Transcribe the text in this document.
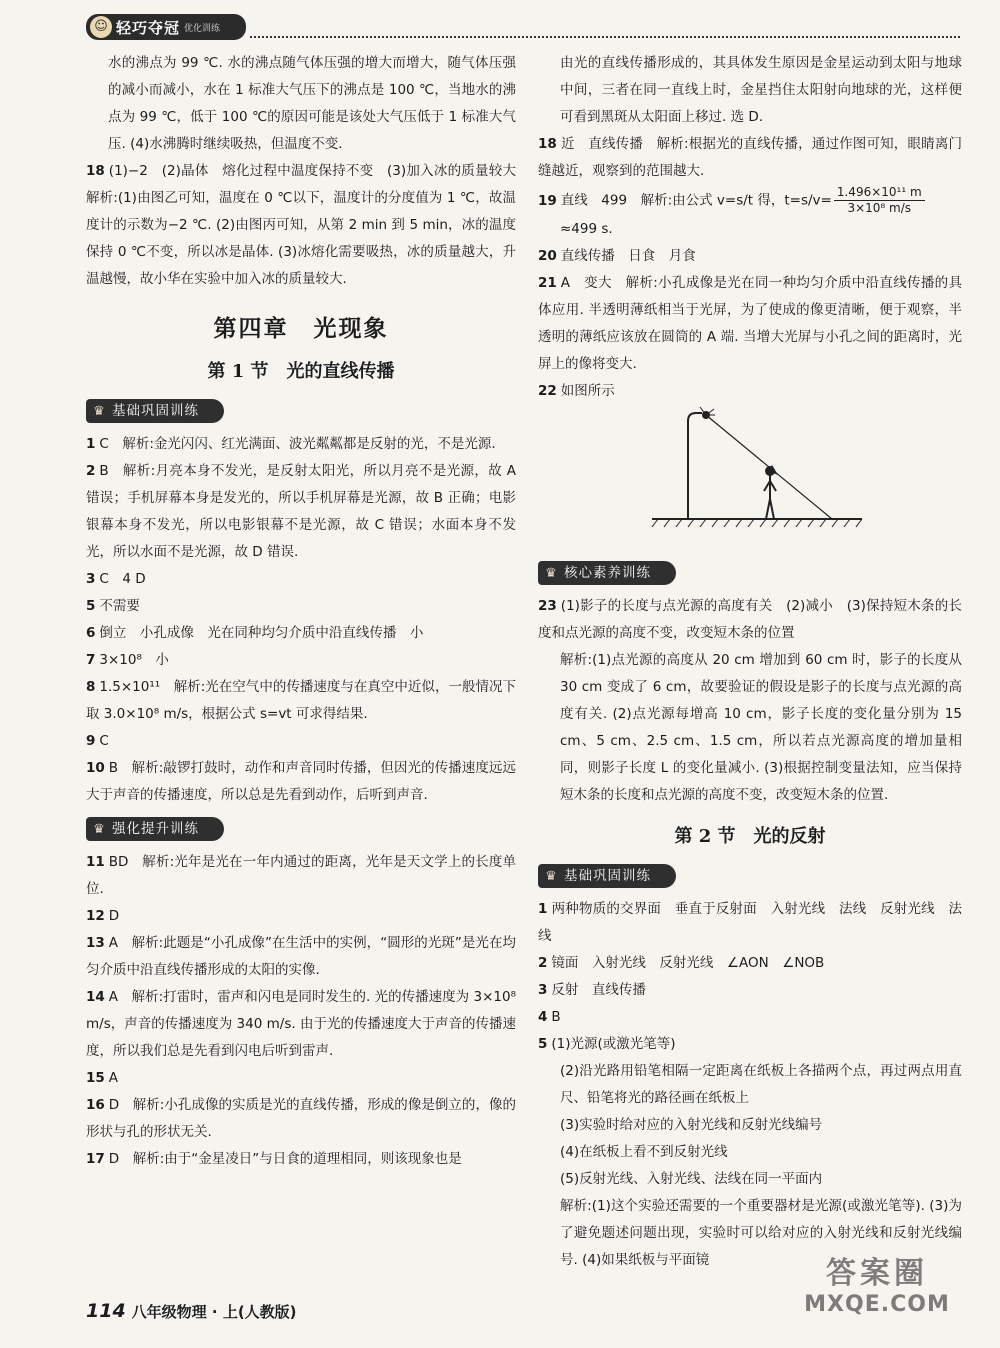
☺ 轻巧夺冠 优化训练

水的沸点为 99 ℃. 水的沸点随气体压强的增大而增大，随气体压强的减小而减小，水在 1 标准大气压下的沸点是 100 ℃，当地水的沸点为 99 ℃，低于 100 ℃的原因可能是该处大气压低于 1 标准大气压. (4)水沸腾时继续吸热，但温度不变.

18 (1)−2　(2)晶体　熔化过程中温度保持不变　(3)加入冰的质量较大　解析:(1)由图乙可知，温度在 0 ℃以下，温度计的分度值为 1 ℃，故温度计的示数为−2 ℃. (2)由图丙可知，从第 2 min 到 5 min，冰的温度保持 0 ℃不变，所以冰是晶体. (3)冰熔化需要吸热，冰的质量越大，升温越慢，故小华在实验中加入冰的质量较大.

第四章　光现象
第 1 节　光的直线传播
♛ 基础巩固训练

1 C　解析:金光闪闪、红光满面、波光粼粼都是反射的光，不是光源.

2 B　解析:月亮本身不发光，是反射太阳光，所以月亮不是光源，故 A 错误；手机屏幕本身是发光的，所以手机屏幕是光源，故 B 正确；电影银幕本身不发光，所以电影银幕不是光源，故 C 错误；水面本身不发光，所以水面不是光源，故 D 错误.

3 C　4 D

5 不需要

6 倒立　小孔成像　光在同种均匀介质中沿直线传播　小

7 3×10⁸　小

8 1.5×10¹¹　解析:光在空气中的传播速度与在真空中近似，一般情况下取 3.0×10⁸ m/s，根据公式 s=vt 可求得结果.

9 C

10 B　解析:敲锣打鼓时，动作和声音同时传播，但因光的传播速度远远大于声音的传播速度，所以总是先看到动作，后听到声音.

♛ 强化提升训练

11 BD　解析:光年是光在一年内通过的距离，光年是天文学上的长度单位.

12 D

13 A　解析:此题是“小孔成像”在生活中的实例，“圆形的光斑”是光在均匀介质中沿直线传播形成的太阳的实像.

14 A　解析:打雷时，雷声和闪电是同时发生的. 光的传播速度为 3×10⁸ m/s，声音的传播速度为 340 m/s. 由于光的传播速度大于声音的传播速度，所以我们总是先看到闪电后听到雷声.

15 A

16 D　解析:小孔成像的实质是光的直线传播，形成的像是倒立的，像的形状与孔的形状无关.

17 D　解析:由于“金星凌日”与日食的道理相同，则该现象也是

由光的直线传播形成的，其具体发生原因是金星运动到太阳与地球中间，三者在同一直线上时，金星挡住太阳射向地球的光，这样便可看到黑斑从太阳面上移过. 选 D.

18 近　直线传播　解析:根据光的直线传播，通过作图可知，眼睛离门缝越近，观察到的范围越大.

19 直线　499　解析:由公式 v=s/t 得，$t=s/v= \frac{\text{1.496×10¹¹ m}}{\text{3×10⁸ m/s}}$

≈499 s.

20 直线传播　日食　月食

21 A　变大　解析:小孔成像是光在同一种均匀介质中沿直线传播的具体应用. 半透明薄纸相当于光屏，为了使成的像更清晰，便于观察，半透明的薄纸应该放在圆筒的 A 端. 当增大光屏与小孔之间的距离时，光屏上的像将变大.

22 如图所示

♛ 核心素养训练

23 (1)影子的长度与点光源的高度有关　(2)减小　(3)保持短木条的长度和点光源的高度不变，改变短木条的位置

解析:(1)点光源的高度从 20 cm 增加到 60 cm 时，影子的长度从 30 cm 变成了 6 cm，故要验证的假设是影子的长度与点光源的高度有关. (2)点光源每增高 10 cm，影子长度的变化量分别为 15 cm、5 cm、2.5 cm、1.5 cm，所以若点光源高度的增加量相同，则影子长度 L 的变化量减小. (3)根据控制变量法知，应当保持短木条的长度和点光源的高度不变，改变短木条的位置.

第 2 节　光的反射
♛ 基础巩固训练

1 两种物质的交界面　垂直于反射面　入射光线　法线　反射光线　法线

2 镜面　入射光线　反射光线　∠AON　∠NOB

3 反射　直线传播

4 B

5 (1)光源(或激光笔等)

(2)沿光路用铅笔相隔一定距离在纸板上各描两个点，再过两点用直尺、铅笔将光的路径画在纸板上

(3)实验时给对应的入射光线和反射光线编号

(4)在纸板上看不到反射光线

(5)反射光线、入射光线、法线在同一平面内

解析:(1)这个实验还需要的一个重要器材是光源(或激光笔等). (3)为了避免题述问题出现，实验时可以给对应的入射光线和反射光线编号. (4)如果纸板与平面镜

114 八年级物理 · 上(人教版)
答案圈
MXQE.COM
